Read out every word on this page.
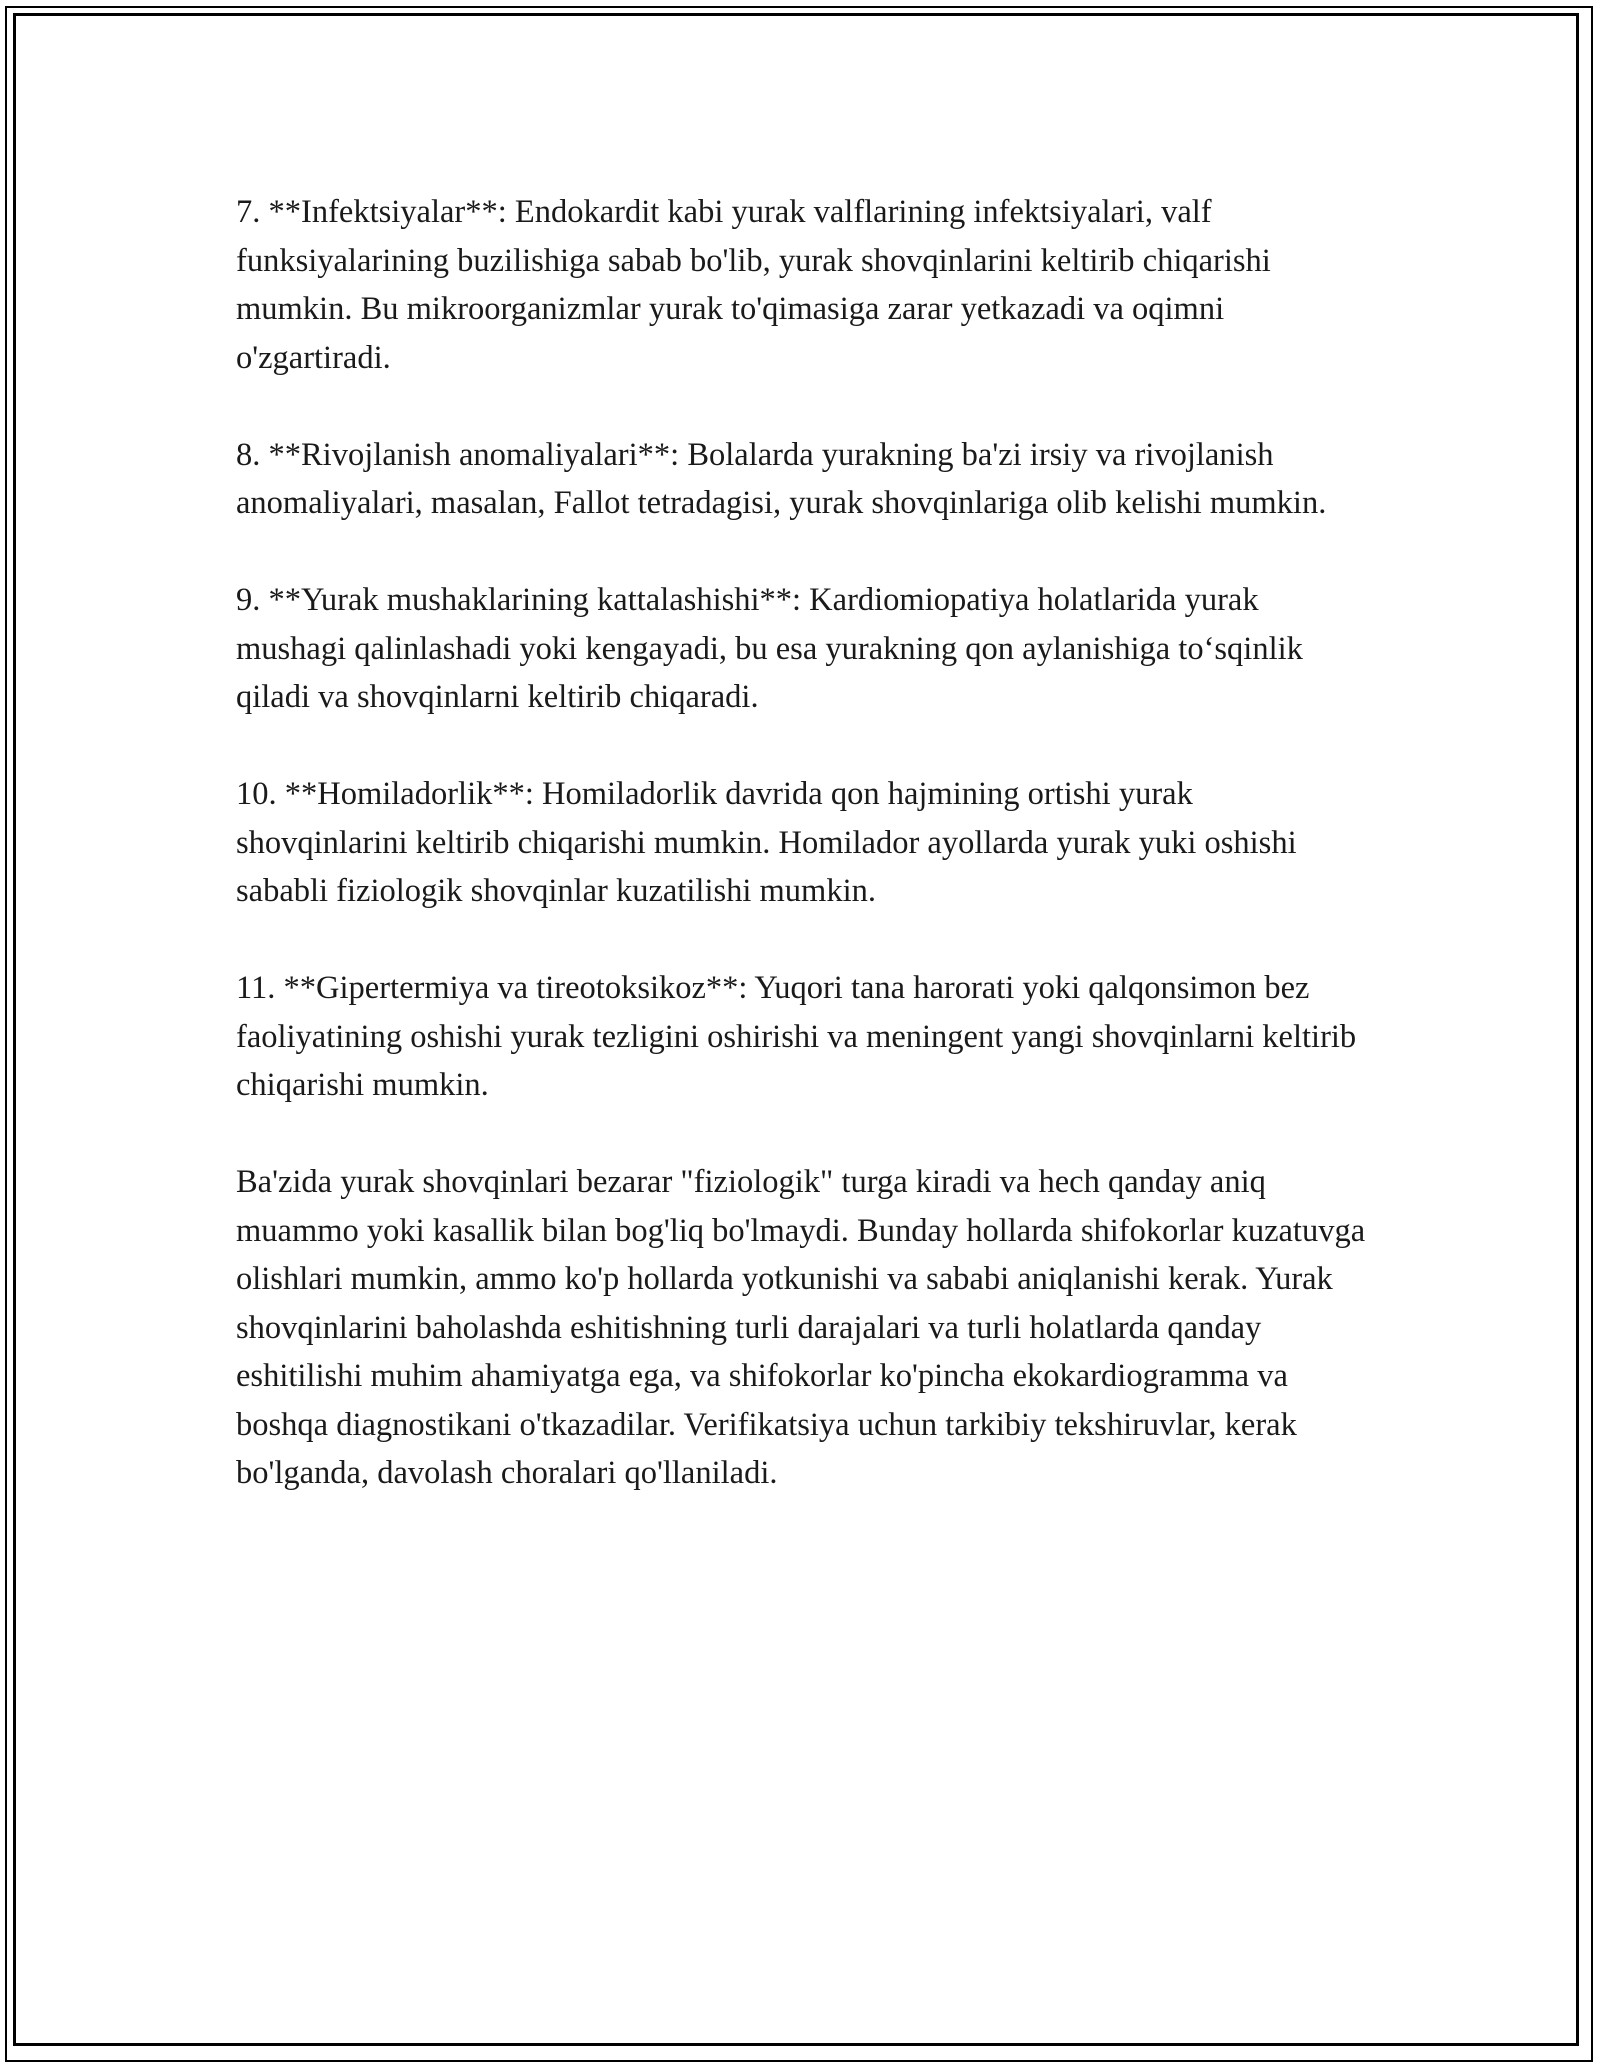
7. **Infektsiyalar**: Endokardit kabi yurak valflarining infektsiyalari, valf funksiyalarining buzilishiga sabab bo'lib, yurak shovqinlarini keltirib chiqarishi mumkin. Bu mikroorganizmlar yurak to'qimasiga zarar yetkazadi va oqimni o'zgartiradi.

8. **Rivojlanish anomaliyalari**: Bolalarda yurakning ba'zi irsiy va rivojlanish anomaliyalari, masalan, Fallot tetradagisi, yurak shovqinlariga olib kelishi mumkin.

9. **Yurak mushaklarining kattalashishi**: Kardiomiopatiya holatlarida yurak mushagi qalinlashadi yoki kengayadi, bu esa yurakning qon aylanishiga to‘sqinlik qiladi va shovqinlarni keltirib chiqaradi.

10. **Homiladorlik**: Homiladorlik davrida qon hajmining ortishi yurak shovqinlarini keltirib chiqarishi mumkin. Homilador ayollarda yurak yuki oshishi sababli fiziologik shovqinlar kuzatilishi mumkin.

11. **Gipertermiya va tireotoksikoz**: Yuqori tana harorati yoki qalqonsimon bez faoliyatining oshishi yurak tezligini oshirishi va meningent yangi shovqinlarni keltirib chiqarishi mumkin.

Ba'zida yurak shovqinlari bezarar "fiziologik" turga kiradi va hech qanday aniq muammo yoki kasallik bilan bog'liq bo'lmaydi. Bunday hollarda shifokorlar kuzatuvga olishlari mumkin, ammo ko'p hollarda yotkunishi va sababi aniqlanishi kerak. Yurak shovqinlarini baholashda eshitishning turli darajalari va turli holatlarda qanday eshitilishi muhim ahamiyatga ega, va shifokorlar ko'pincha ekokardiogramma va boshqa diagnostikani o'tkazadilar. Verifikatsiya uchun tarkibiy tekshiruvlar, kerak bo'lganda, davolash choralari qo'llaniladi.
